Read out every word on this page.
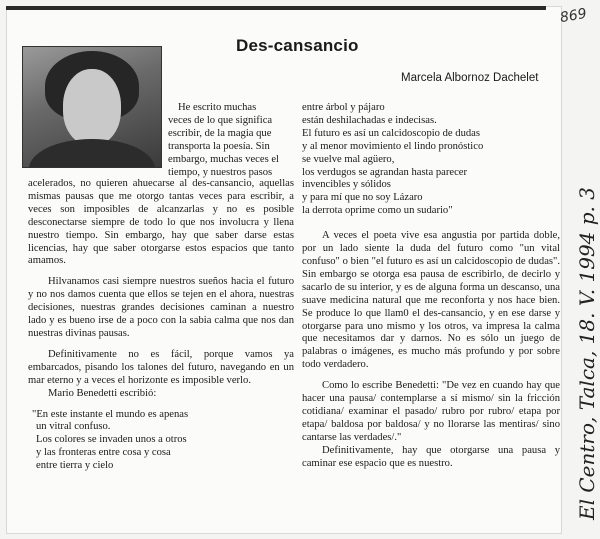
Des-cansancio
Marcela Albornoz Dachelet
He escrito muchas
veces de lo que significa
escribir, de la magia que
transporta la poesía. Sin
embargo, muchas veces el
tiempo, y nuestros pasos

acelerados, no quieren ahuecarse al des-cansancio, aquellas mismas pausas que me otorgo tantas veces para escribir, a veces son imposibles de alcanzarlas y no es posible desconectarse siempre de todo lo que nos involucra y llena nuestro tiempo. Sin embargo, hay que saber darse estas licencias, hay que saber otorgarse estos espacios que tanto amamos.

Hilvanamos casi siempre nuestros sueños hacia el futuro y no nos damos cuenta que ellos se tejen en el ahora, nuestras decisiones, nuestras grandes decisiones caminan a nuestro lado y es bueno irse de a poco con la sabia calma que nos dan nuestras divinas pausas.

Definitivamente no es fácil, porque vamos ya embarcados, pisando los talones del futuro, navegando en un mar eterno y a veces el horizonte es imposible verlo.

Mario Benedetti escribió:

"En este instante el mundo es apenas
un vitral confuso.
Los colores se invaden unos a otros
y las fronteras entre cosa y cosa
entre tierra y cielo
entre árbol y pájaro
están deshilachadas e indecisas.
El futuro es así un calcidoscopio de dudas
y al menor movimiento el lindo pronóstico
se vuelve mal agüero,
los verdugos se agrandan hasta parecer
invencibles y sólidos
y para mí que no soy Lázaro
la derrota oprime como un sudario"

A veces el poeta vive esa angustia por partida doble, por un lado siente la duda del futuro como "un vital confuso" o bien "el futuro es así un calcidoscopio de dudas". Sin embargo se otorga esa pausa de escribirlo, de decirlo y sacarlo de su interior, y es de alguna forma un descanso, una suave medicina natural que me reconforta y nos hace bien. Se produce lo que llam0 el des-cansancio, y en ese darse y otorgarse para uno mismo y los otros, va impresa la calma que necesitamos dar y darnos. No es sólo un juego de palabras o imágenes, es mucho más profundo y por sobre todo verdadero.

Como lo escribe Benedetti: "De vez en cuando hay que hacer una pausa/ contemplarse a sí mismo/ sin la fricción cotidiana/ examinar el pasado/ rubro por rubro/ etapa por etapa/ baldosa por baldosa/ y no llorarse las mentiras/ sino cantarse las verdades/."

Definitivamente, hay que otorgarse una pausa y caminar ese espacio que es nuestro.

869
El Centro, Talca, 18. V. 1994 p. 3
